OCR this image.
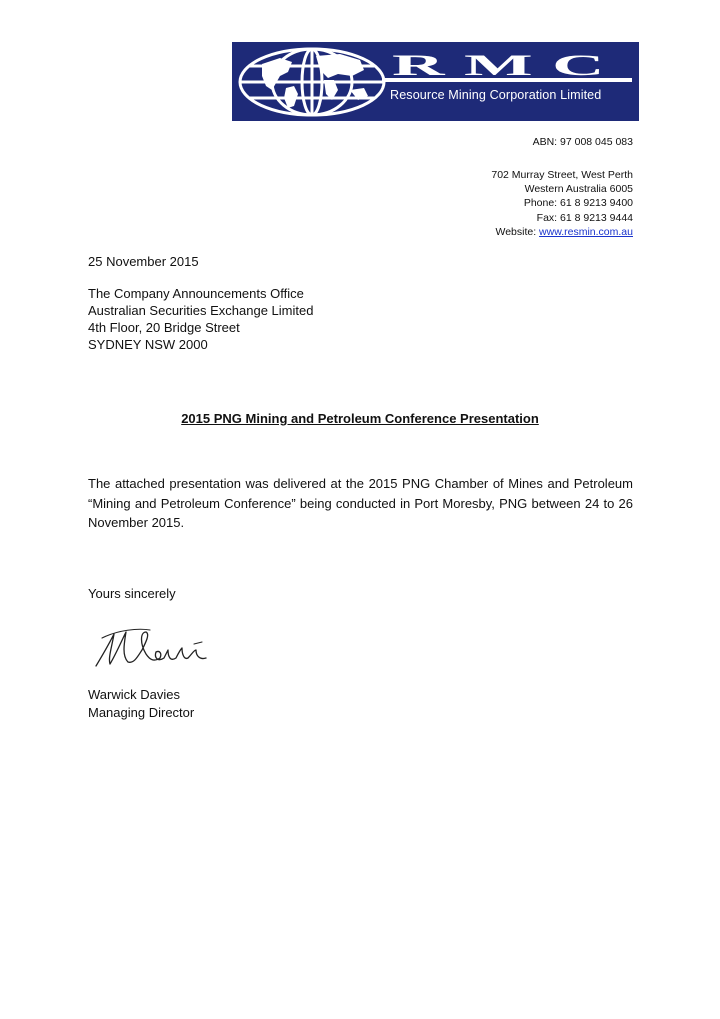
RMC
Resource Mining Corporation Limited
ABN: 97 008 045 083
702 Murray Street, West Perth
Western Australia 6005
Phone: 61 8 9213 9400
Fax: 61 8 9213 9444
Website: www.resmin.com.au
25 November 2015
The Company Announcements Office
Australian Securities Exchange Limited
4th Floor, 20 Bridge Street
SYDNEY NSW 2000
2015 PNG Mining and Petroleum Conference Presentation
The attached presentation was delivered at the 2015 PNG Chamber of Mines and Petroleum “Mining and Petroleum Conference” being conducted in Port Moresby, PNG between 24 to 26 November 2015.
Yours sincerely
Warwick Davies
Managing Director
